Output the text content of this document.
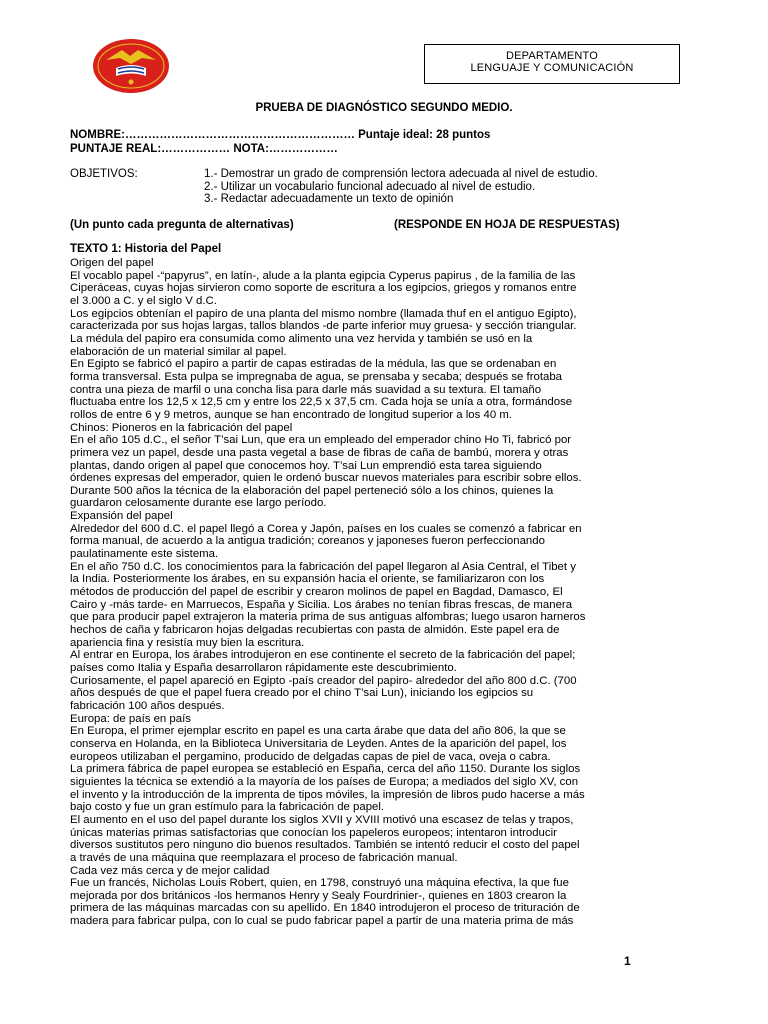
DEPARTAMENTO
LENGUAJE Y COMUNICACIÓN
PRUEBA DE DIAGNÓSTICO SEGUNDO MEDIO.
NOMBRE:…………………………………………………… Puntaje ideal: 28 puntos
PUNTAJE REAL:……………… NOTA:………………
OBJETIVOS:	1.- Demostrar un grado de comprensión lectora adecuada al nivel de estudio.
2.- Utilizar un vocabulario funcional adecuado al nivel de estudio.
3.- Redactar adecuadamente un texto de opinión
(Un punto cada pregunta de alternativas)	(RESPONDE EN HOJA DE RESPUESTAS)
TEXTO 1: Historia del Papel
Origen del papel
El vocablo papel -“papyrus”, en latín-, alude a la planta egipcia Cyperus papirus , de la familia de las
Ciperáceas, cuyas hojas sirvieron como soporte de escritura a los egipcios, griegos y romanos entre
el 3.000 a C. y el siglo V d.C.
Los egipcios obtenían el papiro de una planta del mismo nombre (llamada thuf en el antiguo Egipto),
caracterizada por sus hojas largas, tallos blandos -de parte inferior muy gruesa- y sección triangular.
La médula del papiro era consumida como alimento una vez hervida y también se usó en la
elaboración de un material similar al papel.
En Egipto se fabricó el papiro a partir de capas estiradas de la médula, las que se ordenaban en
forma transversal. Esta pulpa se impregnaba de agua, se prensaba y secaba; después se frotaba
contra una pieza de marfil o una concha lisa para darle más suavidad a su textura. El tamaño
fluctuaba entre los 12,5 x 12,5 cm y entre los 22,5 x 37,5 cm. Cada hoja se unía a otra, formándose
rollos de entre 6 y 9 metros, aunque se han encontrado de longitud superior a los 40 m.
Chinos: Pioneros en la fabricación del papel
En el año 105 d.C., el señor T’sai Lun, que era un empleado del emperador chino Ho Ti, fabricó por
primera vez un papel, desde una pasta vegetal a base de fibras de caña de bambú, morera y otras
plantas, dando origen al papel que conocemos hoy. T’sai Lun emprendió esta tarea siguiendo
órdenes expresas del emperador, quien le ordenó buscar nuevos materiales para escribir sobre ellos.
Durante 500 años la técnica de la elaboración del papel perteneció sólo a los chinos, quienes la
guardaron celosamente durante ese largo período.
Expansión del papel
Alrededor del 600 d.C. el papel llegó a Corea y Japón, países en los cuales se comenzó a fabricar en
forma manual, de acuerdo a la antigua tradición; coreanos y japoneses fueron perfeccionando
paulatinamente este sistema.
En el año 750 d.C. los conocimientos para la fabricación del papel llegaron al Asia Central, el Tibet y
la India. Posteriormente los árabes, en su expansión hacia el oriente, se familiarizaron con los
métodos de producción del papel de escribir y crearon molinos de papel en Bagdad, Damasco, El
Cairo y -más tarde- en Marruecos, España y Sicilia. Los árabes no tenían fibras frescas, de manera
que para producir papel extrajeron la materia prima de sus antiguas alfombras; luego usaron harneros
hechos de caña y fabricaron hojas delgadas recubiertas con pasta de almidón. Este papel era de
apariencia fina y resistía muy bien la escritura.
Al entrar en Europa, los árabes introdujeron en ese continente el secreto de la fabricación del papel;
países como Italia y España desarrollaron rápidamente este descubrimiento.
Curiosamente, el papel apareció en Egipto -país creador del papiro- alrededor del año 800 d.C. (700
años después de que el papel fuera creado por el chino T’sai Lun), iniciando los egipcios su
fabricación 100 años después.
Europa: de país en país
En Europa, el primer ejemplar escrito en papel es una carta árabe que data del año 806, la que se
conserva en Holanda, en la Biblioteca Universitaria de Leyden. Antes de la aparición del papel, los
europeos utilizaban el pergamino, producido de delgadas capas de piel de vaca, oveja o cabra.
La primera fábrica de papel europea se estableció en España, cerca del año 1150. Durante los siglos
siguientes la técnica se extendió a la mayoría de los países de Europa; a mediados del siglo XV, con
el invento y la introducción de la imprenta de tipos móviles, la impresión de libros pudo hacerse a más
bajo costo y fue un gran estímulo para la fabricación de papel.
El aumento en el uso del papel durante los siglos XVII y XVIII motivó una escasez de telas y trapos,
únicas materias primas satisfactorias que conocían los papeleros europeos; intentaron introducir
diversos sustitutos pero ninguno dio buenos resultados. También se intentó reducir el costo del papel
a través de una máquina que reemplazara el proceso de fabricación manual.
Cada vez más cerca y de mejor calidad
Fue un francés, Nicholas Louis Robert, quien, en 1798, construyó una máquina efectiva, la que fue
mejorada por dos británicos -los hermanos Henry y Sealy Fourdrinier-, quienes en 1803 crearon la
primera de las máquinas marcadas con su apellido. En 1840 introdujeron el proceso de trituración de
madera para fabricar pulpa, con lo cual se pudo fabricar papel a partir de una materia prima de más
1
